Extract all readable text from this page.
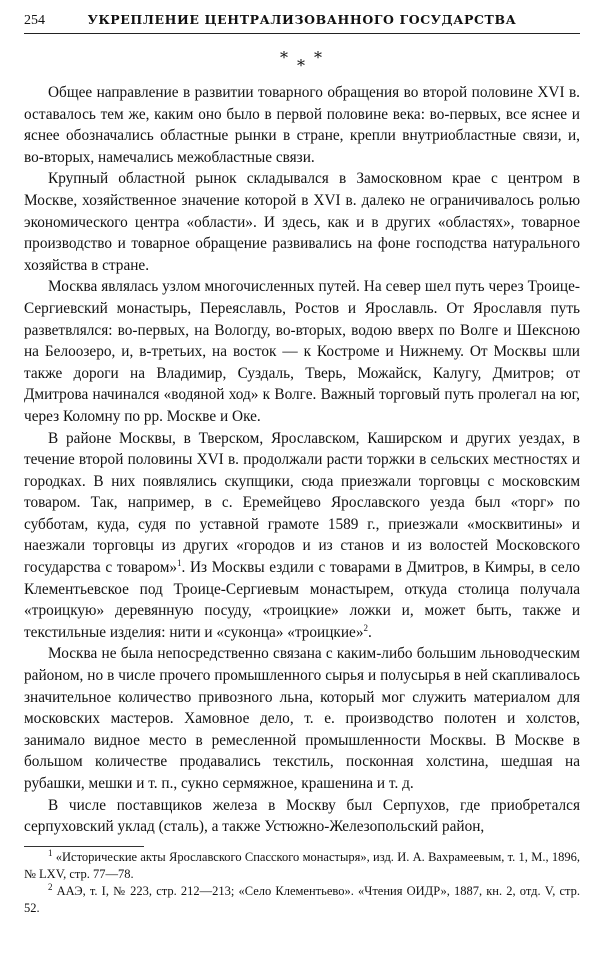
254	УКРЕПЛЕНИЕ ЦЕНТРАЛИЗОВАННОГО ГОСУДАРСТВА
* * *

Общее направление в развитии товарного обращения во второй половине XVI в. оставалось тем же, каким оно было в первой половине века: во-первых, все яснее и яснее обозначались областные рынки в стране, крепли внутриобластные связи, и, во-вторых, намечались межобластные связи.

Крупный областной рынок складывался в Замосковном крае с центром в Москве, хозяйственное значение которой в XVI в. далеко не ограничивалось ролью экономического центра «области». И здесь, как и в других «областях», товарное производство и товарное обращение развивались на фоне господства натурального хозяйства в стране.

Москва являлась узлом многочисленных путей. На север шел путь через Троице-Сергиевский монастырь, Переяславль, Ростов и Ярославль. От Ярославля путь разветвлялся: во-первых, на Вологду, во-вторых, водою вверх по Волге и Шексною на Белоозеро, и, в-третьих, на восток — к Костроме и Нижнему. От Москвы шли также дороги на Владимир, Суздаль, Тверь, Можайск, Калугу, Дмитров; от Дмитрова начинался «водяной ход» к Волге. Важный торговый путь пролегал на юг, через Коломну по рр. Москве и Оке.

В районе Москвы, в Тверском, Ярославском, Каширском и других уездах, в течение второй половины XVI в. продолжали расти торжки в сельских местностях и городках. В них появлялись скупщики, сюда приезжали торговцы с московским товаром. Так, например, в с. Еремейцево Ярославского уезда был «торг» по субботам, куда, судя по уставной грамоте 1589 г., приезжали «москвитины» и наезжали торговцы из других «городов и из станов и из волостей Московского государства с товаром»$^1$. Из Москвы ездили с товарами в Дмитров, в Кимры, в село Клементьевское под Троице-Сергиевым монастырем, откуда столица получала «троицкую» деревянную посуду, «троицкие» ложки и, может быть, также и текстильные изделия: нити и «суконца» «троицкие»$^2$.

Москва не была непосредственно связана с каким-либо большим льноводческим районом, но в числе прочего промышленного сырья и полусырья в ней скапливалось значительное количество привозного льна, который мог служить материалом для московских мастеров. Хамовное дело, т. е. производство полотен и холстов, занимало видное место в ремесленной промышленности Москвы. В Москве в большом количестве продавались текстиль, посконная холстина, шедшая на рубашки, мешки и т. п., сукно сермяжное, крашенина и т. д.

В числе поставщиков железа в Москву был Серпухов, где приобретался серпуховский уклад (сталь), а также Устюжно-Железопольский район,

$^1$ «Исторические акты Ярославского Спасского монастыря», изд. И. А. Вахрамеевым, т. 1, М., 1896, № LXV, стр. 77—78.

$^2$ ААЭ, т. I, № 223, стр. 212—213; «Село Клементьево». «Чтения ОИДР», 1887, кн. 2, отд. V, стр. 52.
